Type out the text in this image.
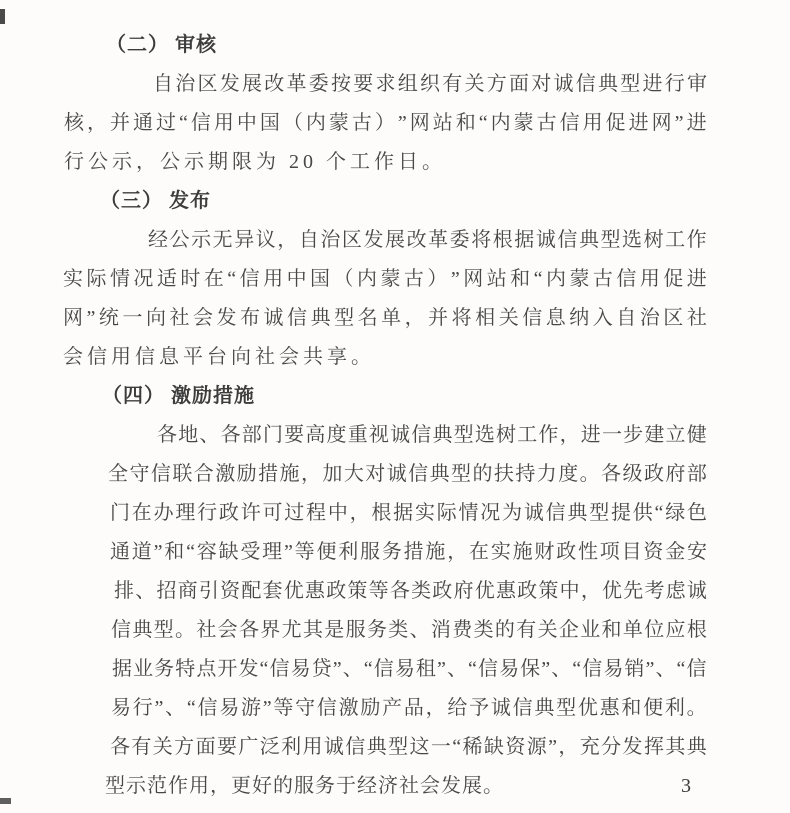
（二） 审核
自 治 区 发 展 改 革 委 按 要 求 组 织 有 关 方 面 对 诚 信 典 型 进 行 审
核 ， 并 通 过 “ 信 用 中 国 （ 内 蒙 古 ） ” 网 站 和 “ 内 蒙 古 信 用 促 进 网 ” 进
行公示，公示期限为 20 个工作日。
（三） 发布
经 公 示 无 异 议 ， 自 治 区 发 展 改 革 委 将 根 据 诚 信 典 型 选 树 工 作
实 际 情 况 适 时 在 “ 信 用 中 国 （ 内 蒙 古 ） ” 网 站 和 “ 内 蒙 古 信 用 促 进
网 ” 统 一 向 社 会 发 布 诚 信 典 型 名 单 ， 并 将 相 关 信 息 纳 入 自 治 区 社
会信用信息平台向社会共享。
（四） 激励措施
各 地 、 各 部 门 要 高 度 重 视 诚 信 典 型 选 树 工 作 ， 进 一 步 建 立 健
全 守 信 联 合 激 励 措 施 ， 加 大 对 诚 信 典 型 的 扶 持 力 度 。 各 级 政 府 部
门 在 办 理 行 政 许 可 过 程 中 ， 根 据 实 际 情 况 为 诚 信 典 型 提 供 “ 绿 色
通 道 ” 和 “ 容 缺 受 理 ” 等 便 利 服 务 措 施 ， 在 实 施 财 政 性 项 目 资 金 安
排 、 招 商 引 资 配 套 优 惠 政 策 等 各 类 政 府 优 惠 政 策 中 ， 优 先 考 虑 诚
信 典 型 。 社 会 各 界 尤 其 是 服 务 类 、 消 费 类 的 有 关 企 业 和 单 位 应 根
据 业 务 特 点 开 发 “ 信 易 贷 ” 、 “ 信 易 租 ” 、 “ 信 易 保 ” 、 “ 信 易 销 ” 、 “ 信
易 行 ” 、 “ 信 易 游 ” 等 守 信 激 励 产 品 ， 给 予 诚 信 典 型 优 惠 和 便 利 。
各 有 关 方 面 要 广 泛 利 用 诚 信 典 型 这 一 “ 稀 缺 资 源 ” ， 充 分 发 挥 其 典
型示范作用，更好的服务于经济社会发展。	3
